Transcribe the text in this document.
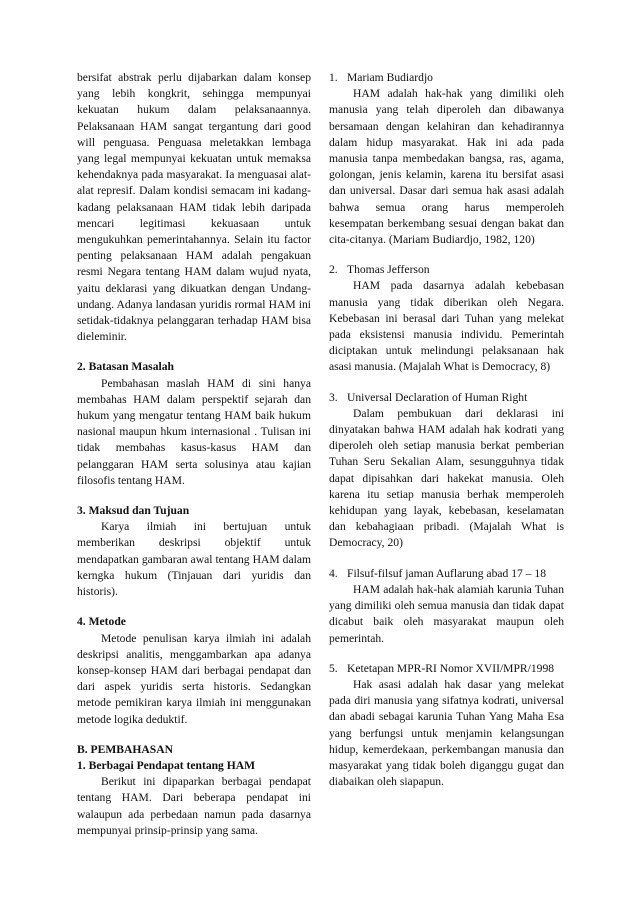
bersifat abstrak perlu dijabarkan dalam konsep yang lebih kongkrit, sehingga mempunyai kekuatan hukum dalam pelaksanaannya. Pelaksanaan HAM sangat tergantung dari good will penguasa. Penguasa meletakkan lembaga yang legal mempunyai kekuatan untuk memaksa kehendaknya pada masyarakat. Ia menguasai alat-alat represif. Dalam kondisi semacam ini kadang-kadang pelaksanaan HAM tidak lebih daripada mencari legitimasi kekuasaan untuk mengukuhkan pemerintahannya. Selain itu factor penting pelaksanaan HAM adalah pengakuan resmi Negara tentang HAM dalam wujud nyata, yaitu deklarasi yang dikuatkan dengan Undang-undang. Adanya landasan yuridis rormal HAM ini setidak-tidaknya pelanggaran terhadap HAM bisa dieleminir.

2. Batasan Masalah

Pembahasan maslah HAM di sini hanya membahas HAM dalam perspektif sejarah dan hukum yang mengatur tentang HAM baik hukum nasional maupun hkum internasional . Tulisan ini tidak membahas kasus-kasus HAM dan pelanggaran HAM serta solusinya atau kajian filosofis tentang HAM.

3. Maksud dan Tujuan

Karya ilmiah ini bertujuan untuk memberikan deskripsi objektif untuk mendapatkan gambaran awal tentang HAM dalam kerngka hukum (Tinjauan dari yuridis dan historis).

4. Metode

Metode penulisan karya ilmiah ini adalah deskripsi analitis, menggambarkan apa adanya konsep-konsep HAM dari berbagai pendapat dan dari aspek yuridis serta historis. Sedangkan metode pemikiran karya ilmiah ini menggunakan metode logika deduktif.

B. PEMBAHASAN

1. Berbagai Pendapat tentang HAM

Berikut ini dipaparkan berbagai pendapat tentang HAM. Dari beberapa pendapat ini walaupun ada perbedaan namun pada dasarnya mempunyai prinsip-prinsip yang sama.

1. Mariam Budiardjo

HAM adalah hak-hak yang dimiliki oleh manusia yang telah diperoleh dan dibawanya bersamaan dengan kelahiran dan kehadirannya dalam hidup masyarakat. Hak ini ada pada manusia tanpa membedakan bangsa, ras, agama, golongan, jenis kelamin, karena itu bersifat asasi dan universal. Dasar dari semua hak asasi adalah bahwa semua orang harus memperoleh kesempatan berkembang sesuai dengan bakat dan cita-citanya. (Mariam Budiardjo, 1982, 120)

2. Thomas Jefferson

HAM pada dasarnya adalah kebebasan manusia yang tidak diberikan oleh Negara. Kebebasan ini berasal dari Tuhan yang melekat pada eksistensi manusia individu. Pemerintah diciptakan untuk melindungi pelaksanaan hak asasi manusia. (Majalah What is Democracy, 8)

3. Universal Declaration of Human Right

Dalam pembukuan dari deklarasi ini dinyatakan bahwa HAM adalah hak kodrati yang diperoleh oleh setiap manusia berkat pemberian Tuhan Seru Sekalian Alam, sesungguhnya tidak dapat dipisahkan dari hakekat manusia. Oleh karena itu setiap manusia berhak memperoleh kehidupan yang layak, kebebasan, keselamatan dan kebahagiaan pribadi. (Majalah What is Democracy, 20)

4. Filsuf-filsuf jaman Auflarung abad 17 – 18

HAM adalah hak-hak alamiah karunia Tuhan yang dimiliki oleh semua manusia dan tidak dapat dicabut baik oleh masyarakat maupun oleh pemerintah.

5. Ketetapan MPR-RI Nomor XVII/MPR/1998

Hak asasi adalah hak dasar yang melekat pada diri manusia yang sifatnya kodrati, universal dan abadi sebagai karunia Tuhan Yang Maha Esa yang berfungsi untuk menjamin kelangsungan hidup, kemerdekaan, perkembangan manusia dan masyarakat yang tidak boleh diganggu gugat dan diabaikan oleh siapapun.
